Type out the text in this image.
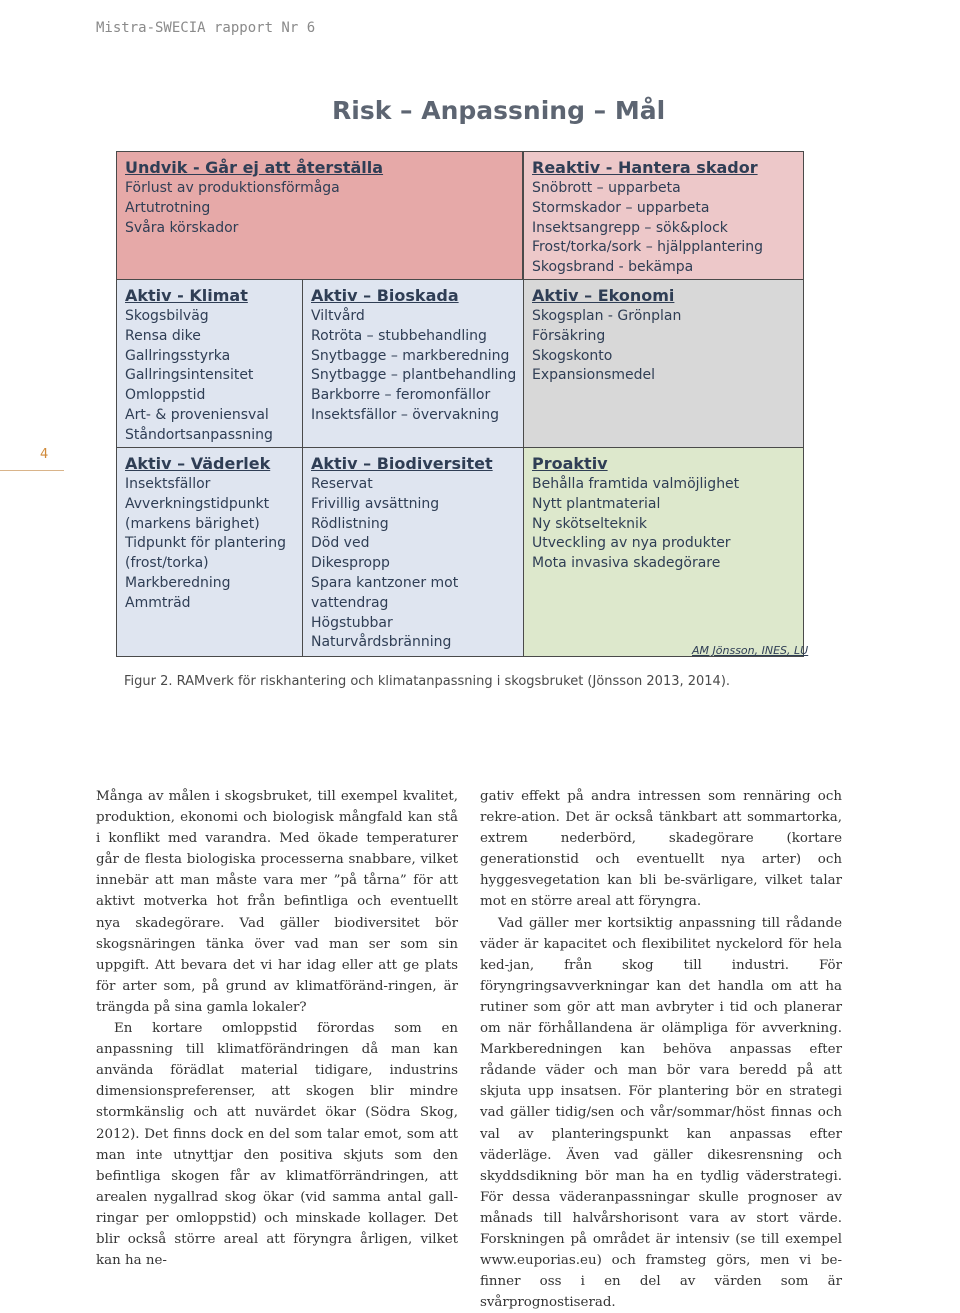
Mistra-SWECIA rapport Nr 6
4
Risk – Anpassning – Mål
Undvik - Går ej att återställa
Förlust av produktionsförmåga
Artutrotning
Svåra körskador
Reaktiv - Hantera skador
Snöbrott – upparbeta
Stormskador – upparbeta
Insektsangrepp – sök&plock
Frost/torka/sork – hjälpplantering
Skogsbrand - bekämpa
Aktiv - Klimat
Skogsbilväg
Rensa dike
Gallringsstyrka
Gallringsintensitet
Omloppstid
Art- & proveniensval
Ståndortsanpassning
Aktiv – Bioskada
Viltvård
Rotröta – stubbehandling
Snytbagge – markberedning
Snytbagge – plantbehandling
Barkborre – feromonfällor
Insektsfällor – övervakning
Aktiv – Ekonomi
Skogsplan - Grönplan
Försäkring
Skogskonto
Expansionsmedel
Aktiv – Väderlek
Insektsfällor
Avverkningstidpunkt
(markens bärighet)
Tidpunkt för plantering
(frost/torka)
Markberedning
Ammträd
Aktiv – Biodiversitet
Reservat
Frivillig avsättning
Rödlistning
Död ved
Dikespropp
Spara kantzoner mot
vattendrag
Högstubbar
Naturvårdsbränning
Proaktiv
Behålla framtida valmöjlighet
Nytt plantmaterial
Ny skötselteknik
Utveckling av nya produkter
Mota invasiva skadegörare
AM Jönsson, INES, LU
Figur 2. RAMverk för riskhantering och klimatanpassning i skogsbruket (Jönsson 2013, 2014).

Många av målen i skogsbruket, till exempel kvalitet, produktion, ekonomi och biologisk mångfald kan stå i konflikt med varandra. Med ökade temperaturer går de flesta biologiska processerna snabbare, vilket innebär att man måste vara mer ”på tårna” för att aktivt motverka hot från befintliga och eventuellt nya skadegörare. Vad gäller biodiversitet bör skogsnäringen tänka över vad man ser som sin uppgift. Att bevara det vi har idag eller att ge plats för arter som, på grund av klimatföränd-ringen, är trängda på sina gamla lokaler?

En kortare omloppstid förordas som en anpassning till klimatförändringen då man kan använda förädlat material tidigare, industrins dimensionspreferenser, att skogen blir mindre stormkänslig och att nuvärdet ökar (Södra Skog, 2012). Det finns dock en del som talar emot, som att man inte utnyttjar den positiva skjuts som den befintliga skogen får av klimatförrändringen, att arealen nygallrad skog ökar (vid samma antal gall-ringar per omloppstid) och minskade kollager. Det blir också större areal att föryngra årligen, vilket kan ha ne-

gativ effekt på andra intressen som rennäring och rekre-ation. Det är också tänkbart att sommartorka, extrem nederbörd, skadegörare (kortare generationstid och eventuellt nya arter) och hyggesvegetation kan bli be-svärligare, vilket talar mot en större areal att föryngra.

Vad gäller mer kortsiktig anpassning till rådande väder är kapacitet och flexibilitet nyckelord för hela ked-jan, från skog till industri. För föryngringsavverkningar kan det handla om att ha rutiner som gör att man avbryter i tid och planerar om när förhållandena är olämpliga för avverkning. Markberedningen kan behöva anpassas efter rådande väder och man bör vara beredd på att skjuta upp insatsen. För plantering bör en strategi vad gäller tidig/sen och vår/sommar/höst finnas och val av planteringspunkt kan anpassas efter väderläge. Även vad gäller dikesrensning och skyddsdikning bör man ha en tydlig väderstrategi. För dessa väderanpassningar skulle prognoser av månads till halvårshorisont vara av stort värde. Forskningen på området är intensiv (se till exempel www.euporias.eu) och framsteg görs, men vi be-finner oss i en del av värden som är svårprognostiserad.
